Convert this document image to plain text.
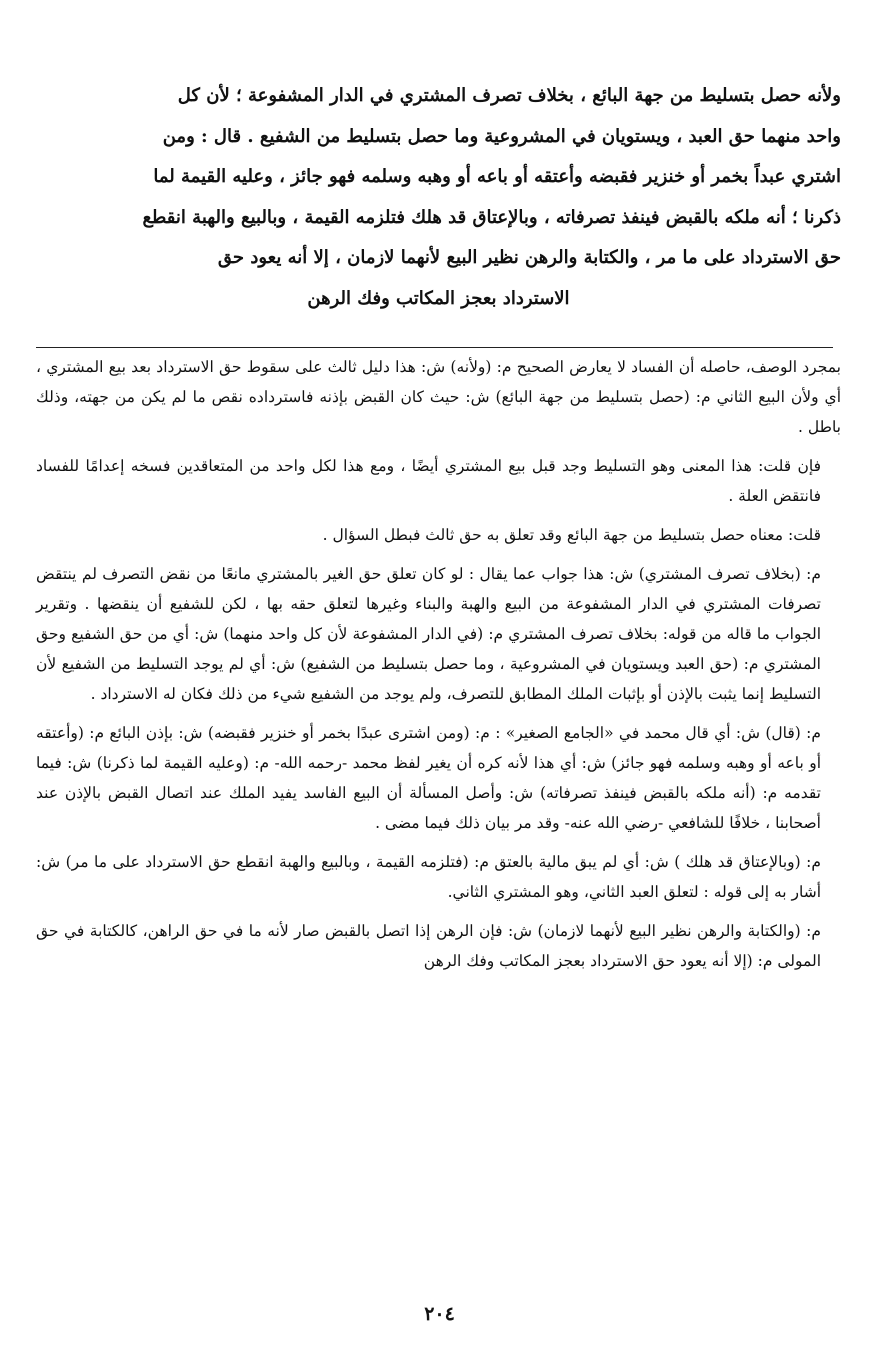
ولأنه حصل بتسليط من جهة البائع ، بخلاف تصرف المشتري في الدار المشفوعة ؛ لأن كل

واحد منهما حق العبد ، ويستويان في المشروعية وما حصل بتسليط من الشفيع . قال : ومن

اشتري عبداً بخمر أو خنزير فقبضه وأعتقه أو باعه أو وهبه وسلمه فهو جائز ، وعليه القيمة لما

ذكرنا ؛ أنه ملكه بالقبض فينفذ تصرفاته ، وبالإعتاق قد هلك فتلزمه القيمة ، وبالبيع والهبة انقطع

حق الاسترداد على ما مر ، والكتابة والرهن نظير البيع لأنهما لازمان ، إلا أنه يعود حق

الاسترداد بعجز المكاتب وفك الرهن

بمجرد الوصف، حاصله أن الفساد لا يعارض الصحيح م: (ولأنه) ش: هذا دليل ثالث على سقوط حق الاسترداد بعد بيع المشتري ، أي ولأن البيع الثاني م: (حصل بتسليط من جهة البائع) ش: حيث كان القبض بإذنه فاسترداده نقص ما لم يكن من جهته، وذلك باطل .

فإن قلت: هذا المعنى وهو التسليط وجد قبل بيع المشتري أيضًا ، ومع هذا لكل واحد من المتعاقدين فسخه إعدامًا للفساد فانتقض العلة .

قلت: معناه حصل بتسليط من جهة البائع وقد تعلق به حق ثالث فبطل السؤال .

م: (بخلاف تصرف المشتري) ش: هذا جواب عما يقال : لو كان تعلق حق الغير بالمشتري مانعًا من نقض التصرف لم ينتقض تصرفات المشتري في الدار المشفوعة من البيع والهبة والبناء وغيرها لتعلق حقه بها ، لكن للشفيع أن ينقضها . وتقرير الجواب ما قاله من قوله: بخلاف تصرف المشتري م: (في الدار المشفوعة لأن كل واحد منهما) ش: أي من حق الشفيع وحق المشتري م: (حق العبد ويستويان في المشروعية ، وما حصل بتسليط من الشفيع) ش: أي لم يوجد التسليط من الشفيع لأن التسليط إنما يثبت بالإذن أو بإثبات الملك المطابق للتصرف، ولم يوجد من الشفيع شيء من ذلك فكان له الاسترداد .

م: (قال) ش: أي قال محمد في «الجامع الصغير» : م: (ومن اشترى عبدًا بخمر أو خنزير فقبضه) ش: بإذن البائع م: (وأعتقه أو باعه أو وهبه وسلمه فهو جائز) ش: أي هذا لأنه كره أن يغير لفظ محمد -رحمه الله- م: (وعليه القيمة لما ذكرنا) ش: فيما تقدمه م: (أنه ملكه بالقبض فينفذ تصرفاته) ش: وأصل المسألة أن البيع الفاسد يفيد الملك عند اتصال القبض بالإذن عند أصحابنا ، خلافًا للشافعي -رضي الله عنه- وقد مر بيان ذلك فيما مضى .

م: (وبالإعتاق قد هلك ) ش: أي لم يبق مالية بالعتق م: (فتلزمه القيمة ، وبالبيع والهبة انقطع حق الاسترداد على ما مر) ش: أشار به إلى قوله : لتعلق العبد الثاني، وهو المشتري الثاني.

م: (والكتابة والرهن نظير البيع لأنهما لازمان) ش: فإن الرهن إذا اتصل بالقبض صار لأنه ما في حق الراهن، كالكتابة في حق المولى م: (إلا أنه يعود حق الاسترداد بعجز المكاتب وفك الرهن

٢٠٤
